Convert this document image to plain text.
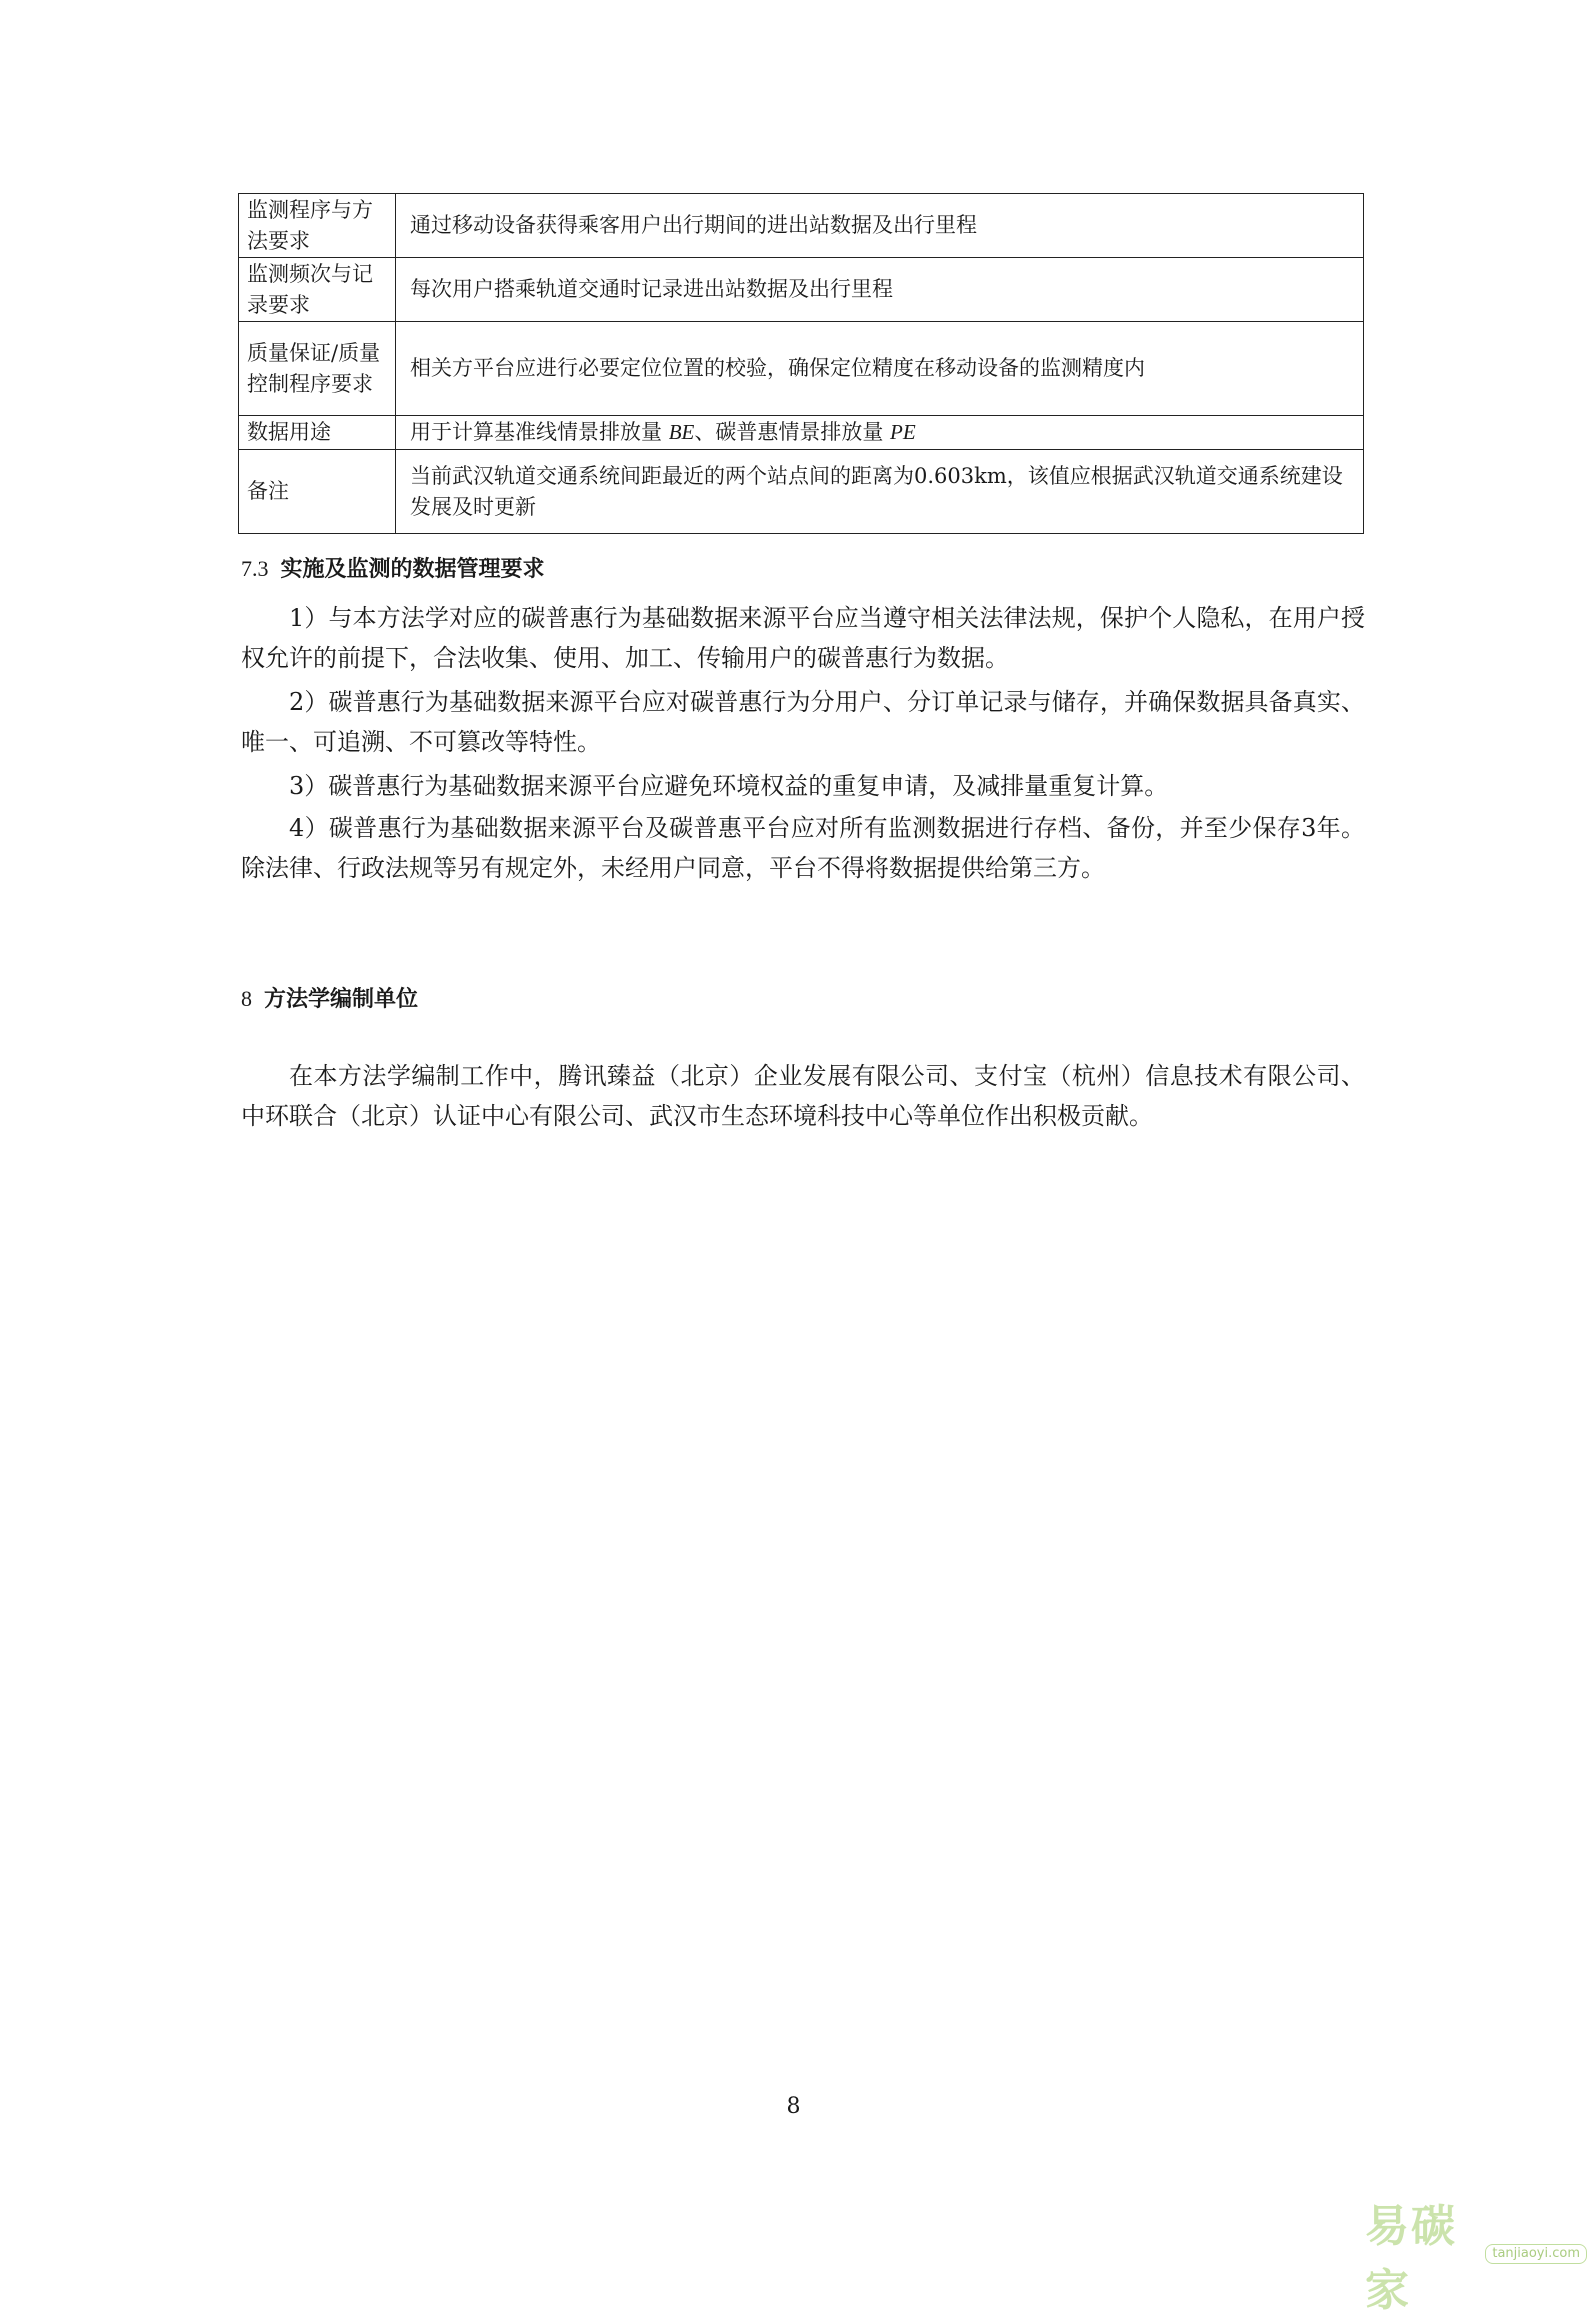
监测程序与方法要求	通过移动设备获得乘客用户出行期间的进出站数据及出行里程
监测频次与记录要求	每次用户搭乘轨道交通时记录进出站数据及出行里程
质量保证/质量控制程序要求	相关方平台应进行必要定位位置的校验，确保定位精度在移动设备的监测精度内
数据用途	用于计算基准线情景排放量 BE、碳普惠情景排放量 PE
备注	当前武汉轨道交通系统间距最近的两个站点间的距离为0.603km，该值应根据武汉轨道交通系统建设发展及时更新
7.3 实施及监测的数据管理要求

1）与本方法学对应的碳普惠行为基础数据来源平台应当遵守相关法律法规，保护个人隐私，在用户授权允许的前提下，合法收集、使用、加工、传输用户的碳普惠行为数据。

2）碳普惠行为基础数据来源平台应对碳普惠行为分用户、分订单记录与储存，并确保数据具备真实、唯一、可追溯、不可篡改等特性。

3）碳普惠行为基础数据来源平台应避免环境权益的重复申请，及减排量重复计算。

4）碳普惠行为基础数据来源平台及碳普惠平台应对所有监测数据进行存档、备份，并至少保存3年。除法律、行政法规等另有规定外，未经用户同意，平台不得将数据提供给第三方。

8 方法学编制单位

在本方法学编制工作中，腾讯臻益（北京）企业发展有限公司、支付宝（杭州）信息技术有限公司、中环联合（北京）认证中心有限公司、武汉市生态环境科技中心等单位作出积极贡献。

8
易碳家
tanjiaoyi.com
